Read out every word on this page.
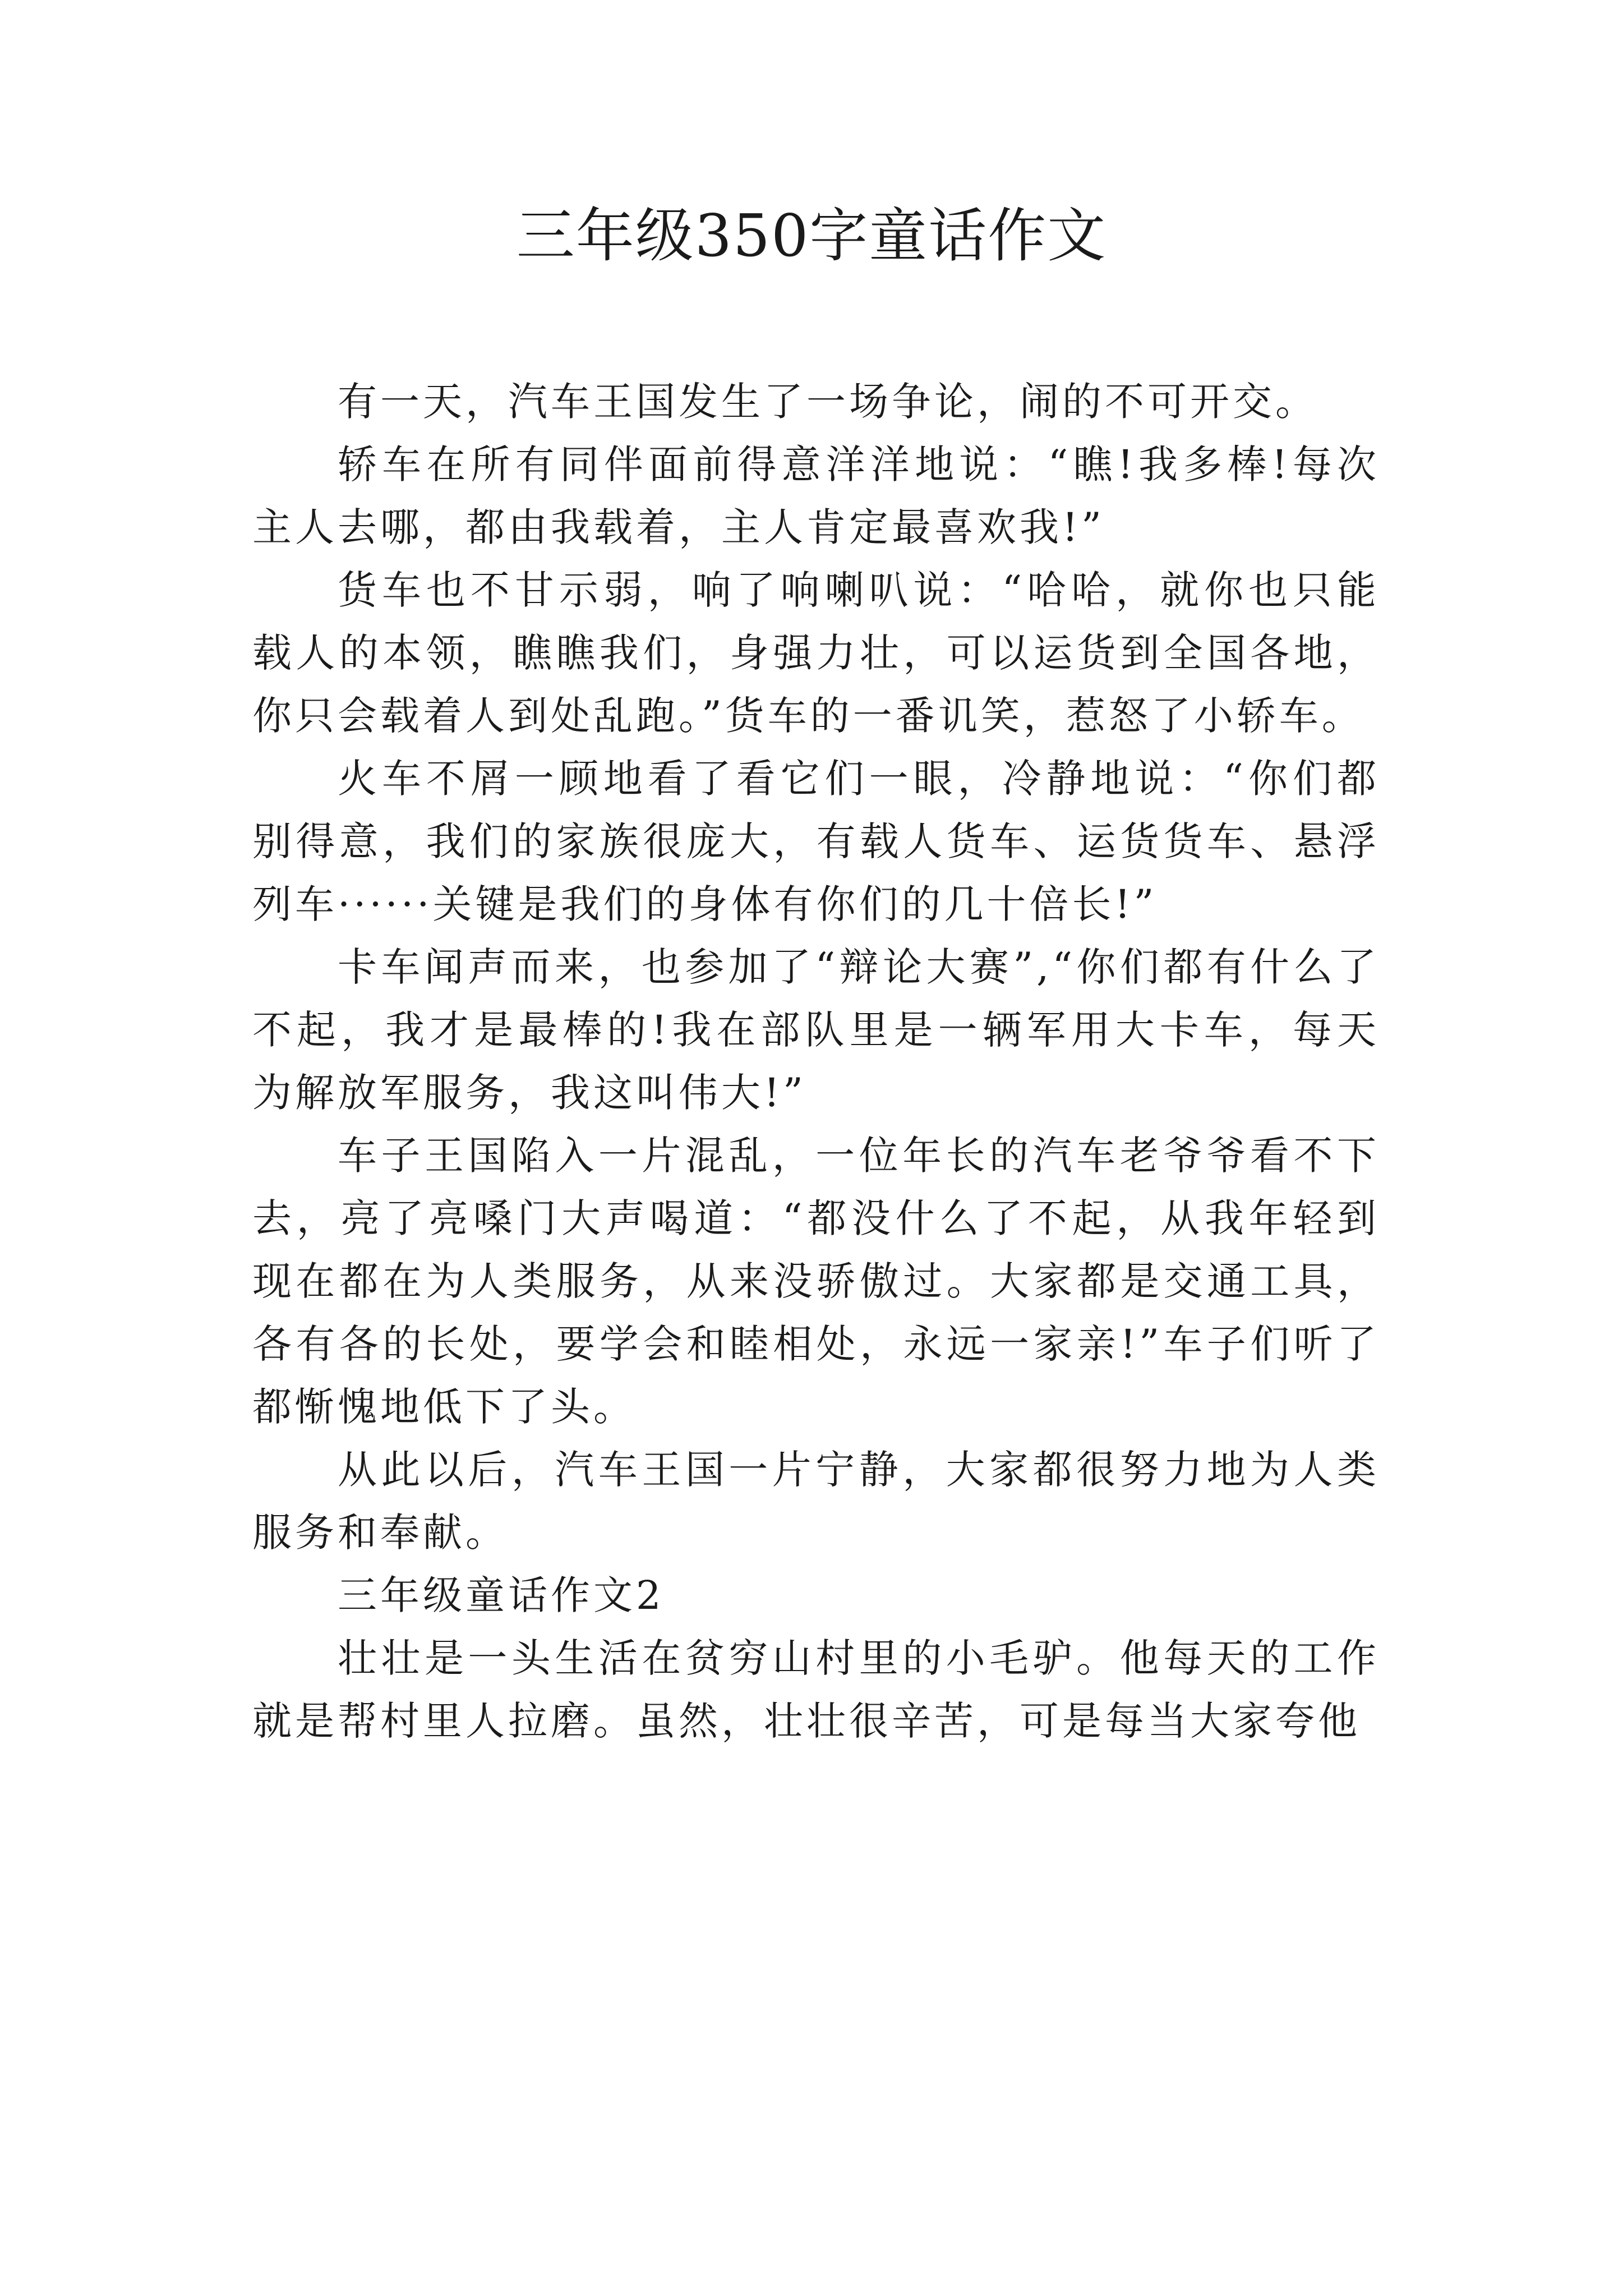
三年级350字童话作文

有一天，汽车王国发生了一场争论，闹的不可开交。

轿车在所有同伴面前得意洋洋地说：“瞧!我多棒!每次主人去哪，都由我载着，主人肯定最喜欢我!”

货车也不甘示弱，响了响喇叭说：“哈哈，就你也只能载人的本领，瞧瞧我们，身强力壮，可以运货到全国各地，你只会载着人到处乱跑。”货车的一番讥笑，惹怒了小轿车。

火车不屑一顾地看了看它们一眼，冷静地说：“你们都别得意，我们的家族很庞大，有载人货车、运货货车、悬浮列车······关键是我们的身体有你们的几十倍长!”

卡车闻声而来，也参加了“辩论大赛”,“你们都有什么了不起，我才是最棒的!我在部队里是一辆军用大卡车，每天为解放军服务，我这叫伟大!”

车子王国陷入一片混乱，一位年长的汽车老爷爷看不下去，亮了亮嗓门大声喝道：“都没什么了不起，从我年轻到现在都在为人类服务，从来没骄傲过。大家都是交通工具，各有各的长处，要学会和睦相处，永远一家亲!”车子们听了都惭愧地低下了头。

从此以后，汽车王国一片宁静，大家都很努力地为人类服务和奉献。

三年级童话作文2

壮壮是一头生活在贫穷山村里的小毛驴。他每天的工作就是帮村里人拉磨。虽然，壮壮很辛苦，可是每当大家夸他
